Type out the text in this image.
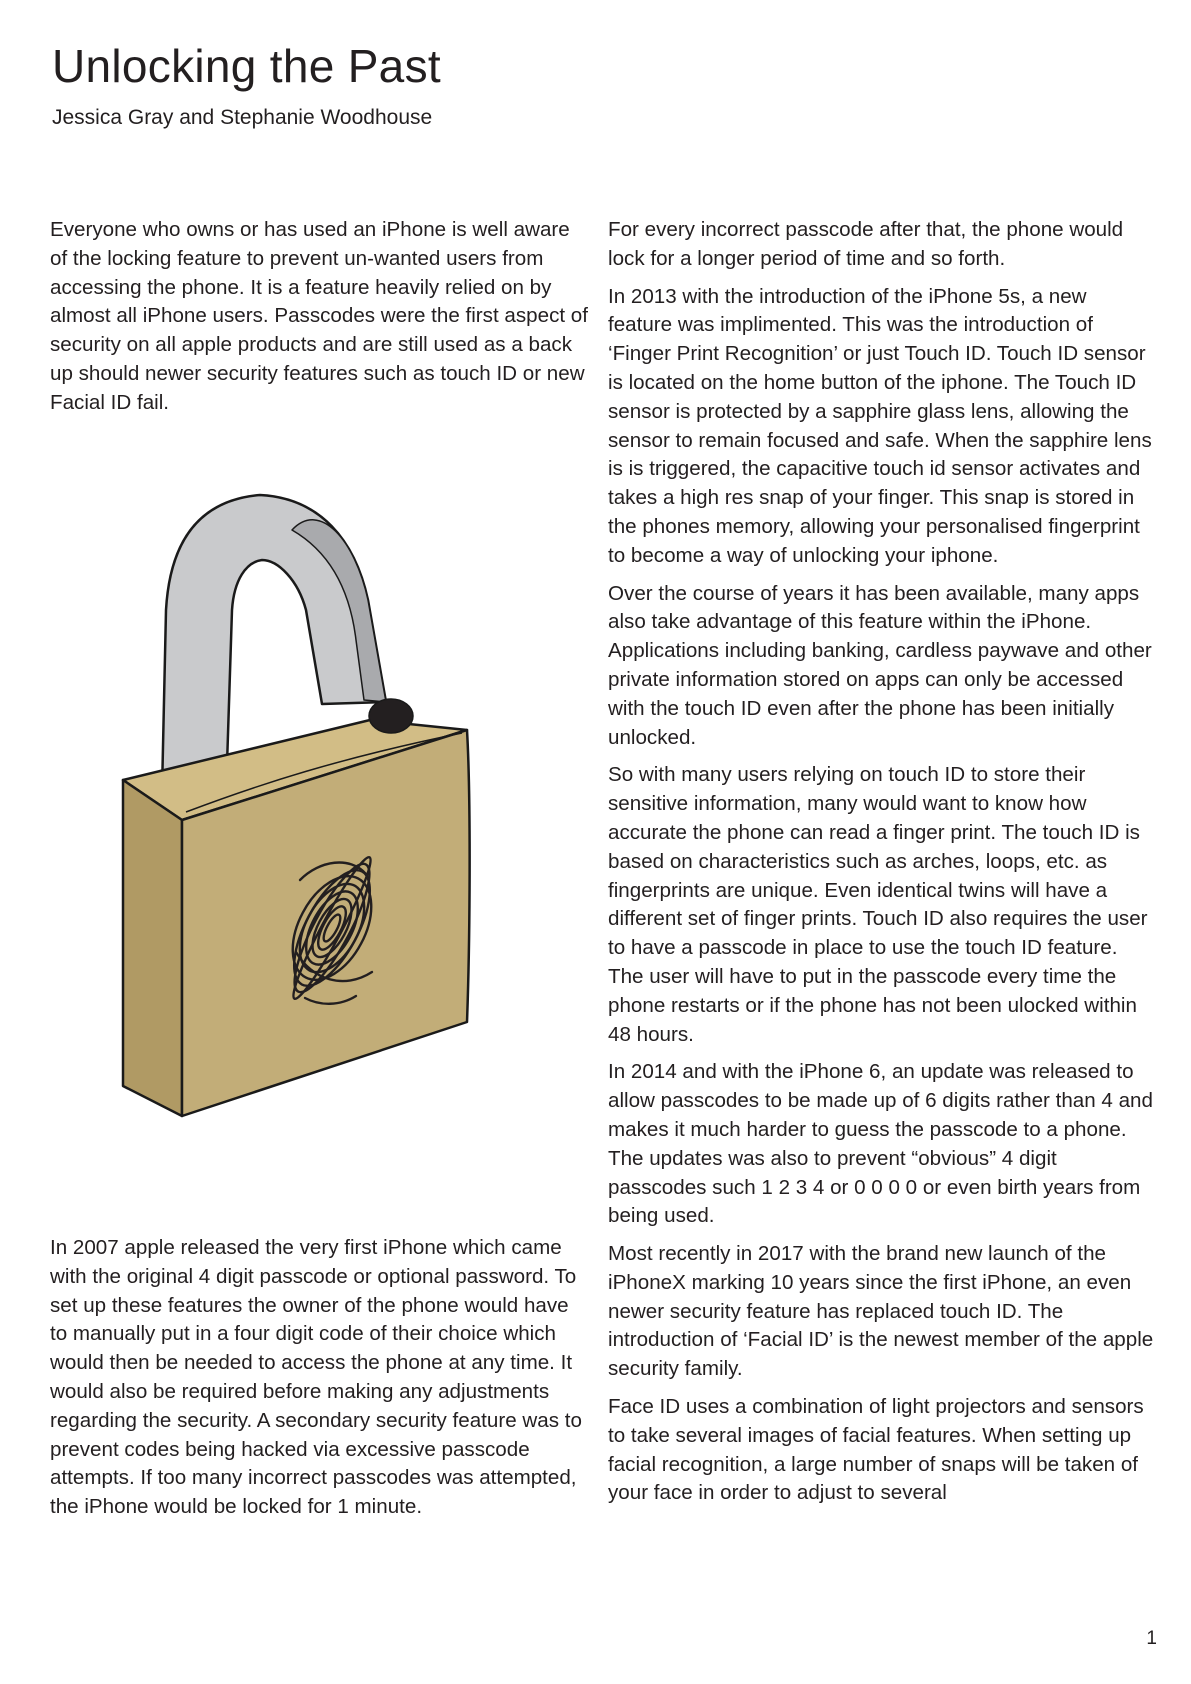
Unlocking the Past

Jessica Gray and Stephanie Woodhouse

Everyone who owns or has used an iPhone is well aware of the locking feature to prevent un-wanted users from accessing the phone. It is a feature heavily relied on by almost all iPhone users. Passcodes were the first aspect of security on all apple products and are still used as a back up should newer security features such as touch ID or new Facial ID fail.

In 2007 apple released the very first iPhone which came with the original 4 digit passcode or optional password. To set up these features the owner of the phone would have to manually put in a four digit code of their choice which would then be needed to access the phone at any time. It would also be required before making any adjustments regarding the security. A secondary security feature was to prevent codes being hacked via excessive passcode attempts. If too many incorrect passcodes was attempted, the iPhone would be locked for 1 minute.

For every incorrect passcode after that, the phone would lock for a longer period of time and so forth.

In 2013 with the introduction of the iPhone 5s, a new feature was implimented. This was the introduction of ‘Finger Print Recognition’ or just Touch ID. Touch ID sensor is located on the home button of the iphone. The Touch ID sensor is protected by a sapphire glass lens, allowing the sensor to remain focused and safe. When the sapphire lens is is triggered, the capacitive touch id sensor activates and takes a high res snap of your finger. This snap is stored in the phones memory, allowing your personalised fingerprint to become a way of unlocking your iphone.

Over the course of years it has been available, many apps also take advantage of this feature within the iPhone. Applications including banking, cardless paywave and other private information stored on apps can only be accessed with the touch ID even after the phone has been initially unlocked.

So with many users relying on touch ID to store their sensitive information, many would want to know how accurate the phone can read a finger print. The touch ID is based on characteristics such as arches, loops, etc. as fingerprints are unique. Even identical twins will have a different set of finger prints. Touch ID also requires the user to have a passcode in place to use the touch ID feature. The user will have to put in the passcode every time the phone restarts or if the phone has not been ulocked within 48 hours.

In 2014 and with the iPhone 6, an update was released to allow passcodes to be made up of 6 digits rather than 4 and makes it much harder to guess the passcode to a phone. The updates was also to prevent “obvious” 4 digit passcodes such 1 2 3 4 or 0 0 0 0 or even birth years from being used.

Most recently in 2017 with the brand new launch of the iPhoneX marking 10 years since the first iPhone, an even newer security feature has replaced touch ID. The introduction of ‘Facial ID’ is the newest member of the apple security family.

Face ID uses a combination of light projectors and sensors to take several images of facial features. When setting up facial recognition, a large number of snaps will be taken of your face in order to adjust to several

1
